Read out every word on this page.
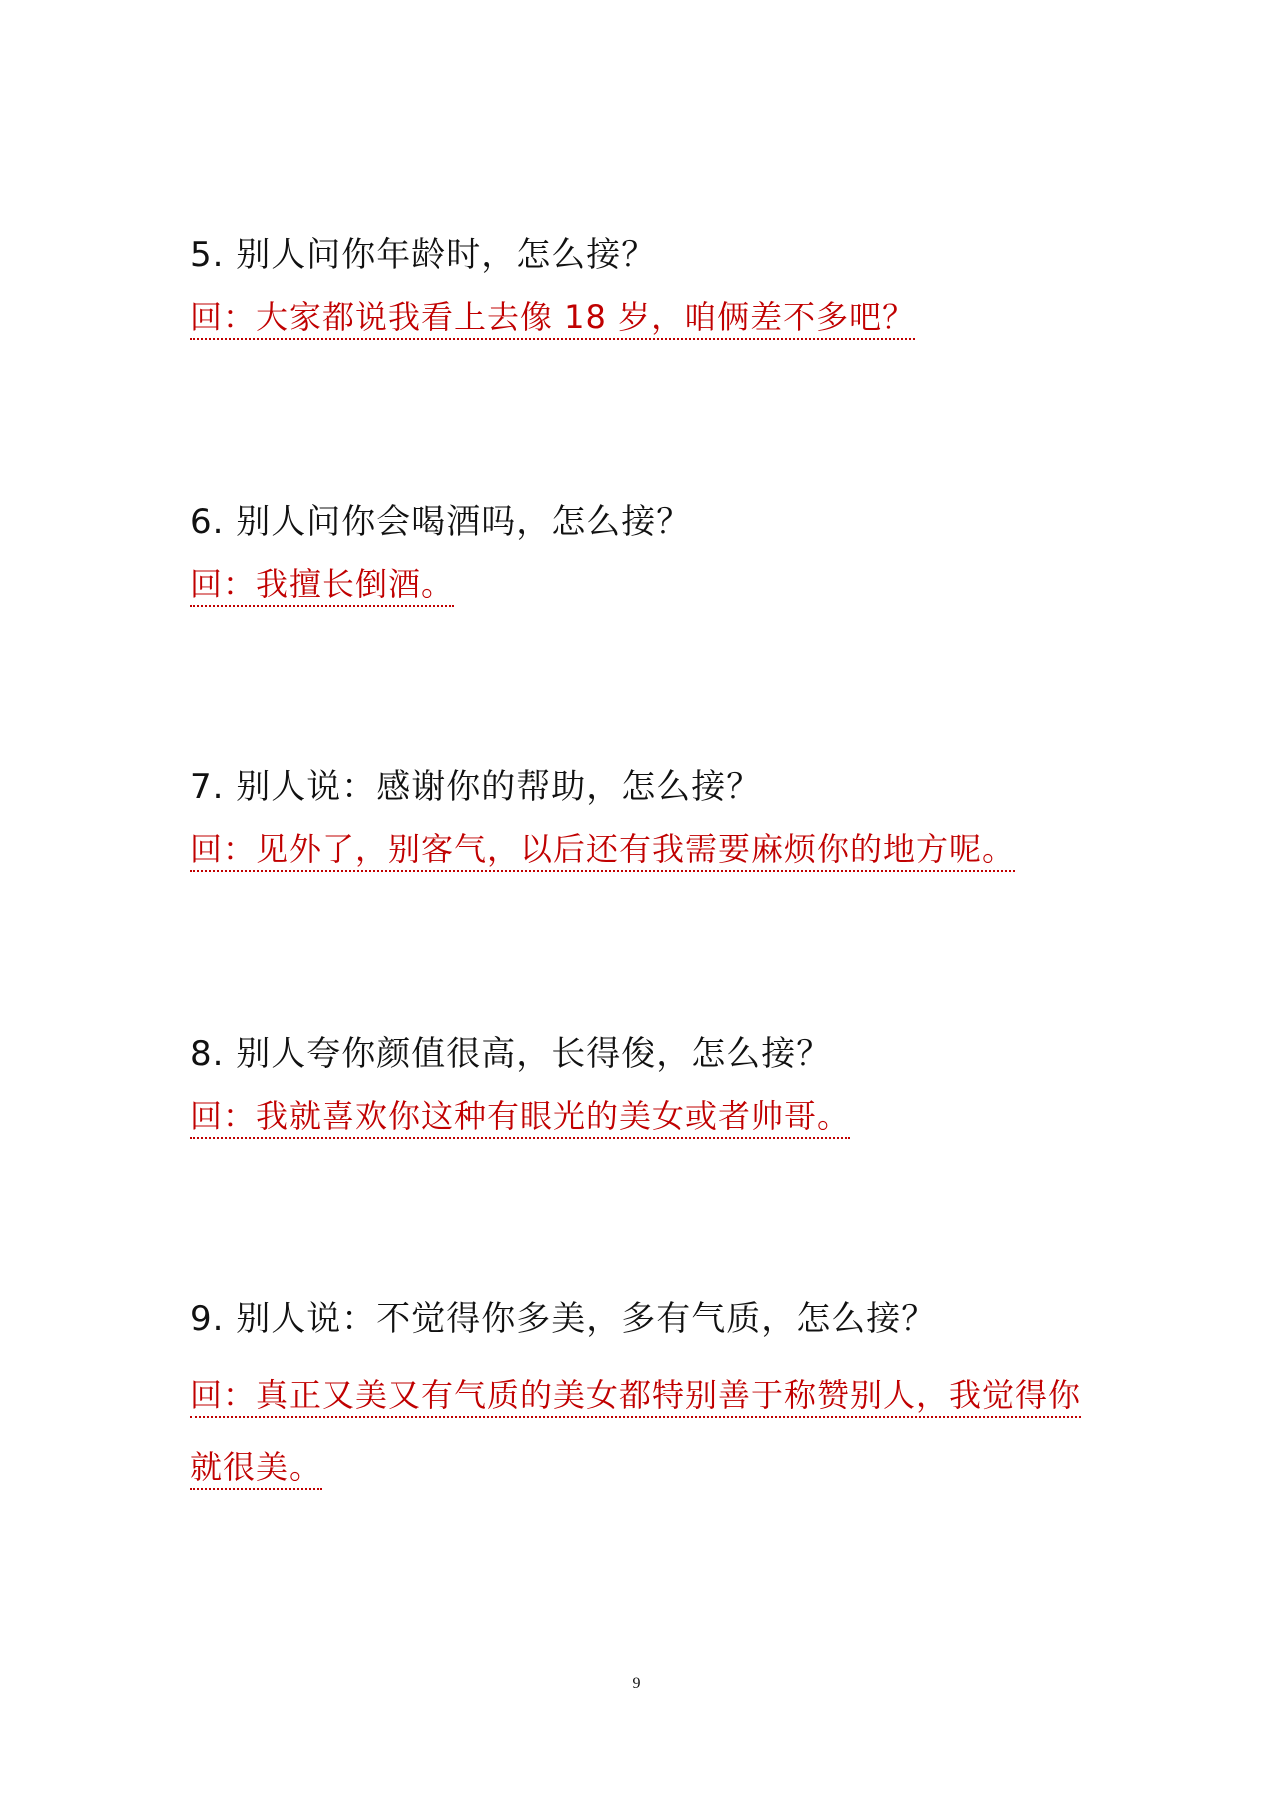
5. 别人问你年龄时，怎么接？
回：大家都说我看上去像 18 岁，咱俩差不多吧？
6. 别人问你会喝酒吗，怎么接？
回：我擅长倒酒。
7. 别人说：感谢你的帮助，怎么接？
回：见外了，别客气，以后还有我需要麻烦你的地方呢。
8. 别人夸你颜值很高，长得俊，怎么接？
回：我就喜欢你这种有眼光的美女或者帅哥。
9. 别人说：不觉得你多美，多有气质，怎么接？
回：真正又美又有气质的美女都特别善于称赞别人，我觉得你就很美。
9
